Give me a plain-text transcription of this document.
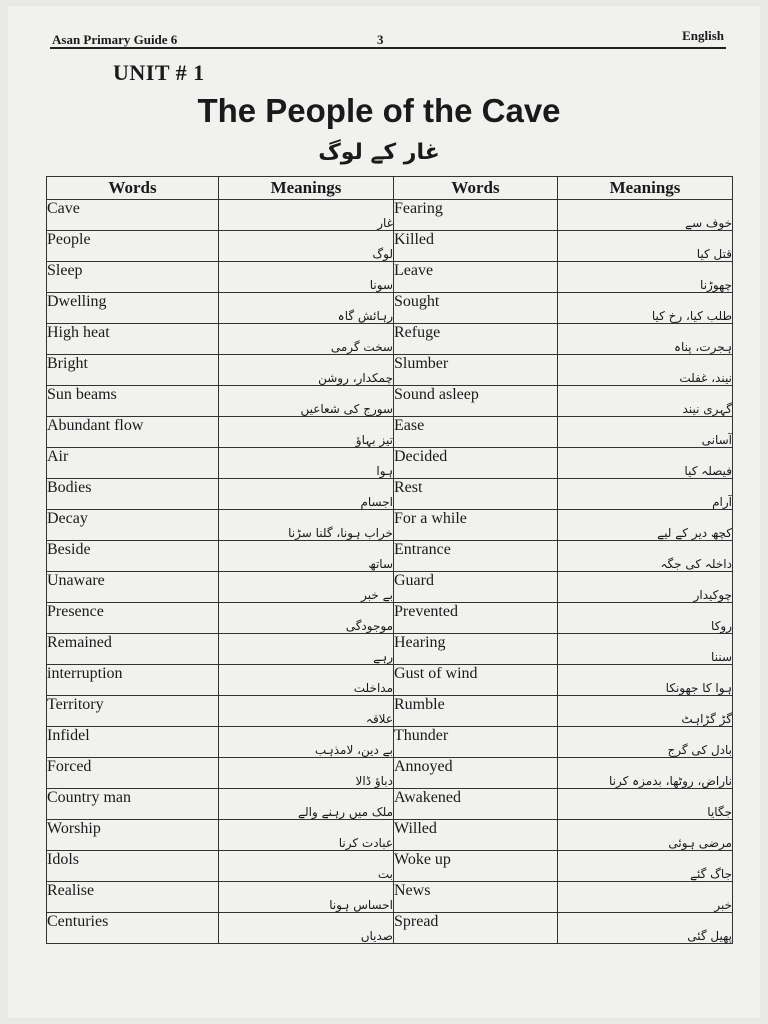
Asan Primary Guide 6	3	English
UNIT # 1
The People of the Cave
غار کے لوگ
Words	Meanings	Words	Meanings
Cave	غار	Fearing	خوف سے
People	لوگ	Killed	قتل کیا
Sleep	سونا	Leave	چھوڑنا
Dwelling	رہائش گاہ	Sought	طلب کیا، رخ کیا
High heat	سخت گرمی	Refuge	ہجرت، پناہ
Bright	چمکدار، روشن	Slumber	نیند، غفلت
Sun beams	سورج کی شعاعیں	Sound asleep	گہری نیند
Abundant flow	تیز بہاؤ	Ease	آسانی
Air	ہوا	Decided	فیصلہ کیا
Bodies	اجسام	Rest	آرام
Decay	خراب ہونا، گلنا سڑنا	For a while	کچھ دیر کے لیے
Beside	ساتھ	Entrance	داخلہ کی جگہ
Unaware	بے خبر	Guard	چوکیدار
Presence	موجودگی	Prevented	روکا
Remained	رہے	Hearing	سننا
interruption	مداخلت	Gust of wind	ہوا کا جھونکا
Territory	علاقہ	Rumble	گڑ گڑاہٹ
Infidel	بے دین، لامذہب	Thunder	بادل کی گرج
Forced	دباؤ ڈالا	Annoyed	ناراض، روٹھا، بدمزہ کرنا
Country man	ملک میں رہنے والے	Awakened	جگایا
Worship	عبادت کرنا	Willed	مرضی ہوئی
Idols	بت	Woke up	جاگ گئے
Realise	احساس ہونا	News	خبر
Centuries	صدیاں	Spread	پھیل گئی
